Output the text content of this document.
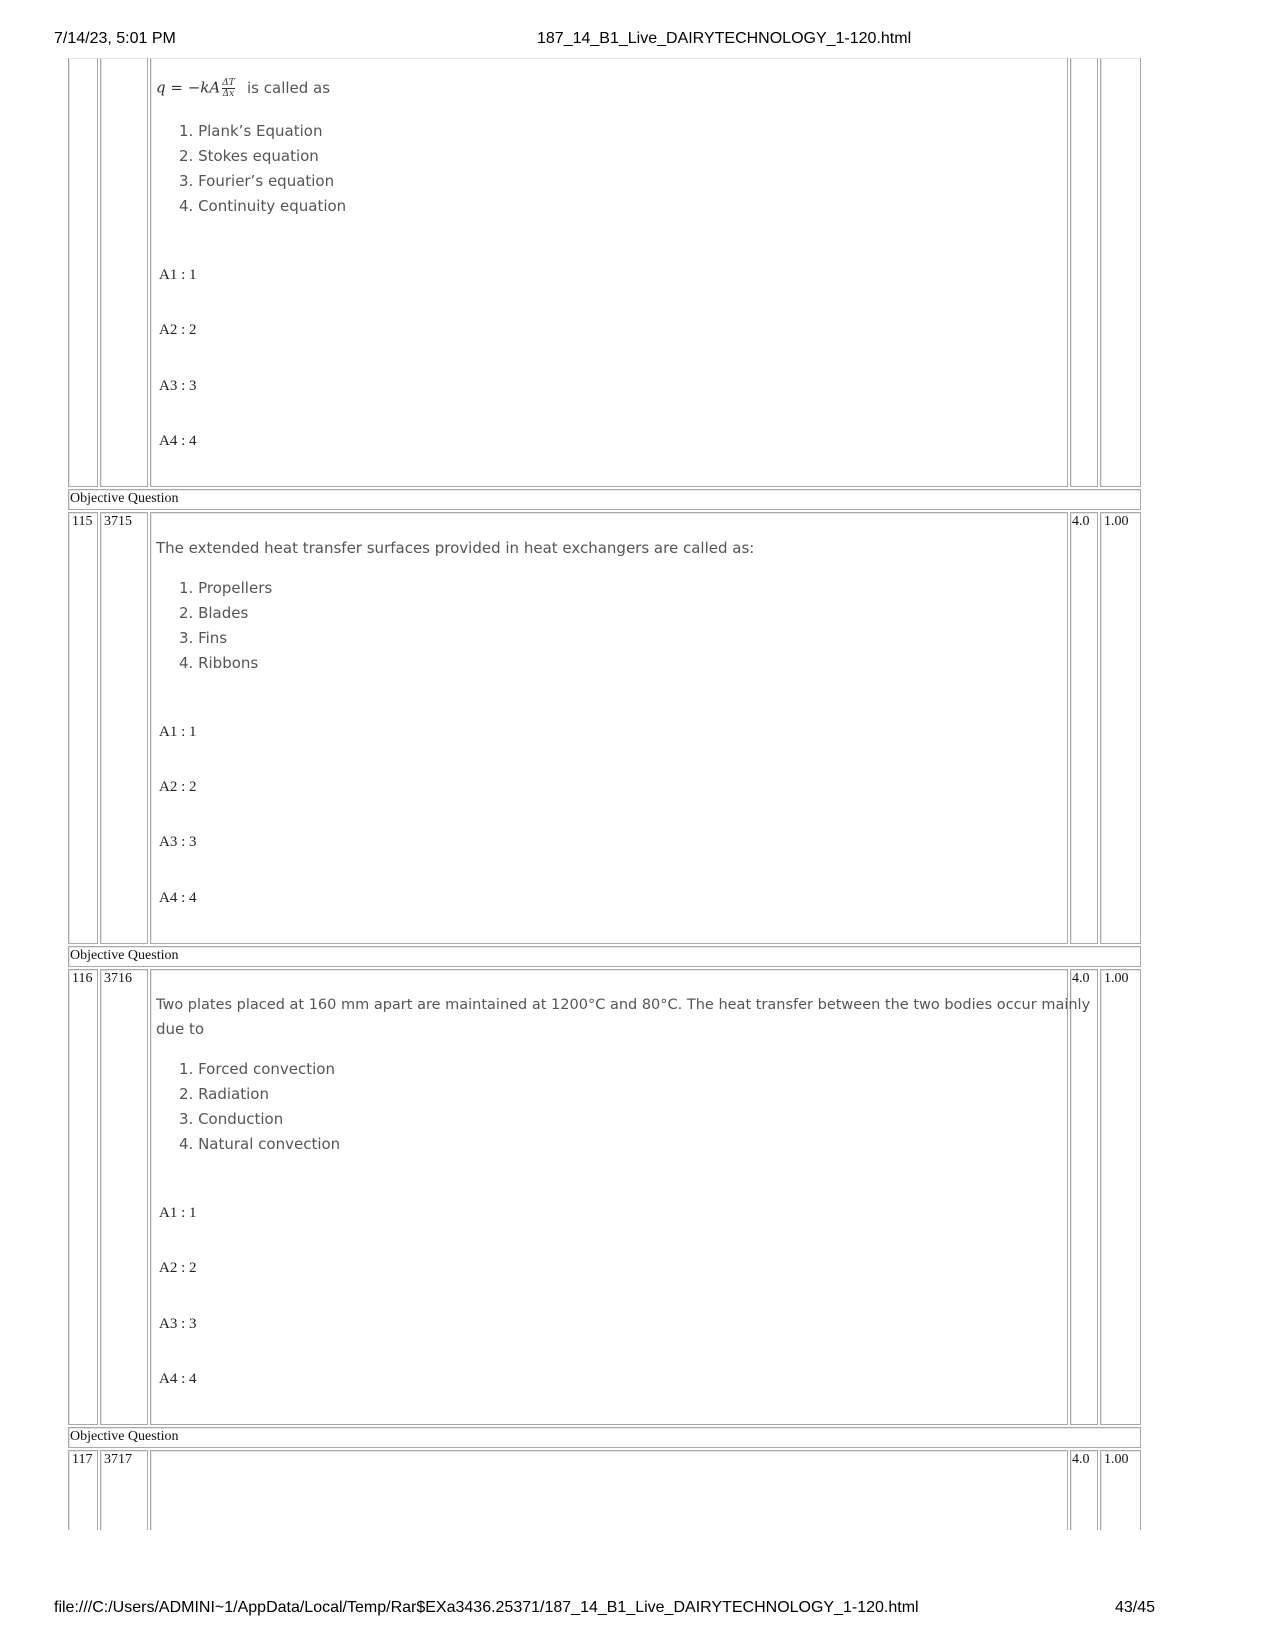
7/14/23, 5:01 PM	187_14_B1_Live_DAIRYTECHNOLOGY_1-120.html
$q = -kA \frac{\Delta T}{\Delta x}$ is called as
1. Plank’s Equation
2. Stokes equation
3. Fourier’s equation
4. Continuity equation
A1 : 1
A2 : 2
A3 : 3
A4 : 4
Objective Question
115 3715	4.0 1.00
The extended heat transfer surfaces provided in heat exchangers are called as:
1. Propellers
2. Blades
3. Fins
4. Ribbons
A1 : 1
A2 : 2
A3 : 3
A4 : 4
Objective Question
116 3716	4.0 1.00
Two plates placed at 160 mm apart are maintained at 1200°C and 80°C. The heat transfer between the two bodies occur mainly
due to
1. Forced convection
2. Radiation
3. Conduction
4. Natural convection
A1 : 1
A2 : 2
A3 : 3
A4 : 4
Objective Question
117 3717	4.0 1.00
file:///C:/Users/ADMINI~1/AppData/Local/Temp/Rar$EXa3436.25371/187_14_B1_Live_DAIRYTECHNOLOGY_1-120.html	43/45
